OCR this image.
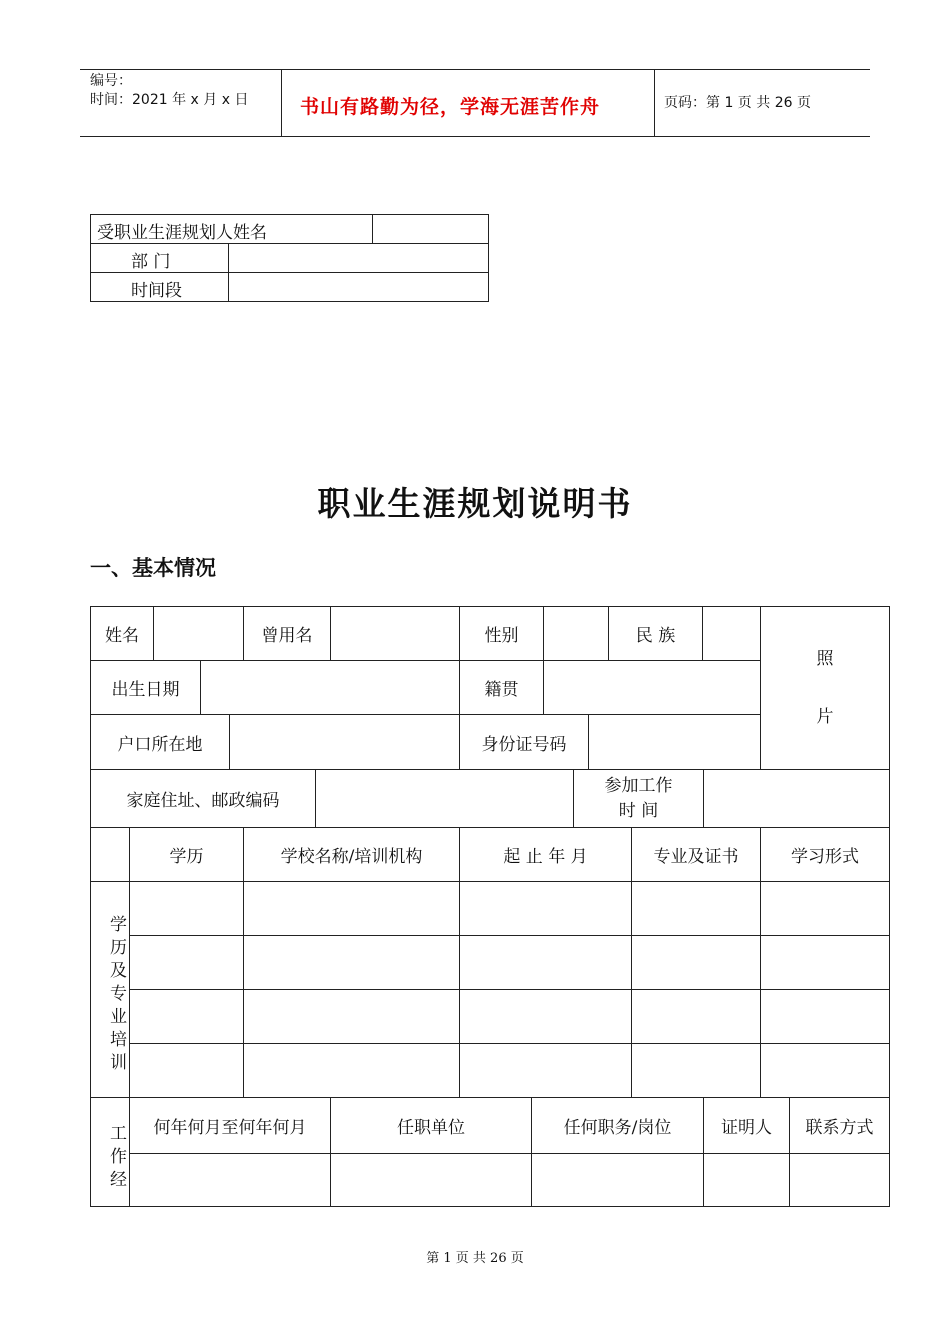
编号：
时间：2021 年 x 月 x 日	书山有路勤为径，学海无涯苦作舟	页码：第 1 页 共 26 页
受职业生涯规划人姓名		
部 门		
时间段		
职业生涯规划说明书
一、基本情况
姓名	曾用名	性别	民 族
照
片
出生日期	籍贯
户口所在地	身份证号码
家庭住址、邮政编码
参加工作
时 间
学历	学校名称/培训机构	起 止 年 月	专业及证书	学习形式
学历及专业培训
工作经	何年何月至何年何月	任职单位	任何职务/岗位	证明人	联系方式
第 1 页 共 26 页
